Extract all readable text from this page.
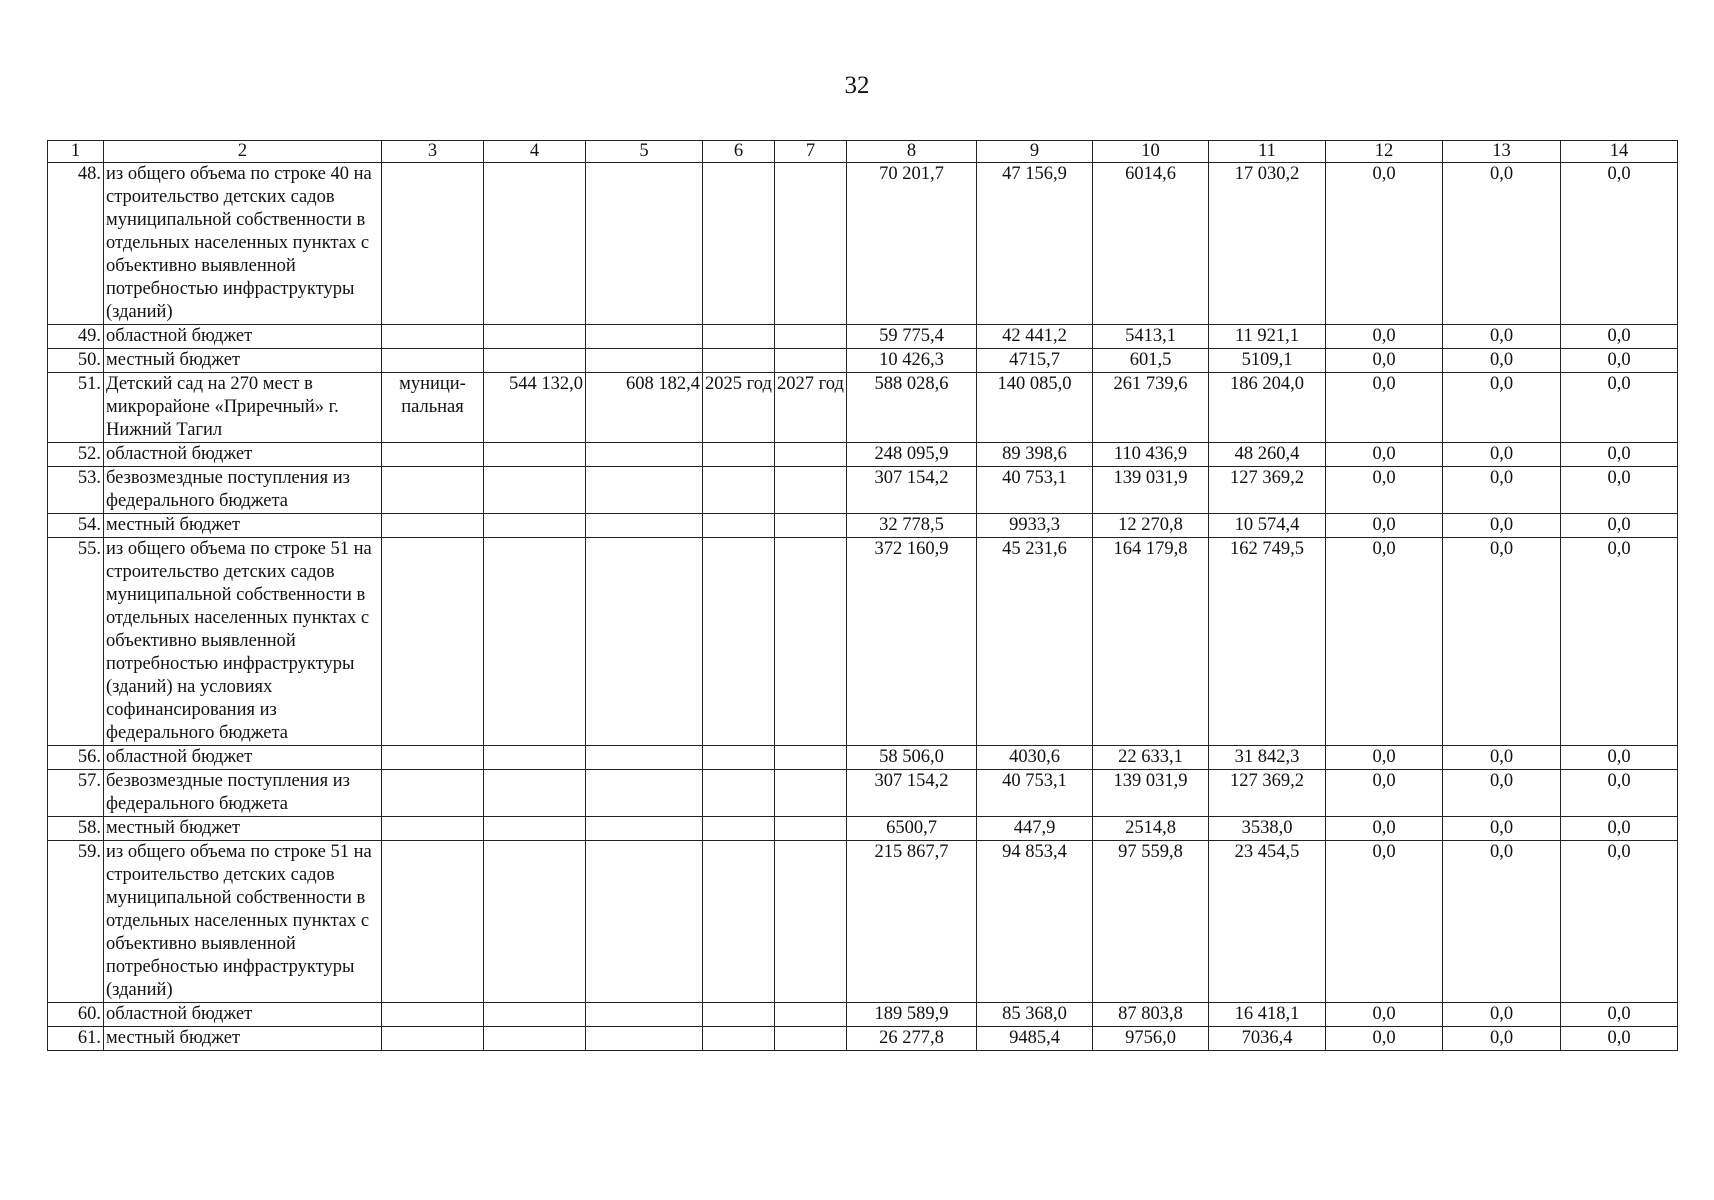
32
1	2	3	4	5	6	7	8	9	10	11	12	13	14
48.	из общего объема по строке 40 на строительство детских садов муниципальной собственности в отдельных населенных пунктах с объективно выявленной потребностью инфраструктуры (зданий)						70 201,7	47 156,9	6014,6	17 030,2	0,0	0,0	0,0
49.	областной бюджет						59 775,4	42 441,2	5413,1	11 921,1	0,0	0,0	0,0
50.	местный бюджет						10 426,3	4715,7	601,5	5109,1	0,0	0,0	0,0
51.	Детский сад на 270 мест в микрорайоне «Приречный» г. Нижний Тагил	муници-пальная	544 132,0	608 182,4	2025 год	2027 год	588 028,6	140 085,0	261 739,6	186 204,0	0,0	0,0	0,0
52.	областной бюджет						248 095,9	89 398,6	110 436,9	48 260,4	0,0	0,0	0,0
53.	безвозмездные поступления из федерального бюджета						307 154,2	40 753,1	139 031,9	127 369,2	0,0	0,0	0,0
54.	местный бюджет						32 778,5	9933,3	12 270,8	10 574,4	0,0	0,0	0,0
55.	из общего объема по строке 51 на строительство детских садов муниципальной собственности в отдельных населенных пунктах с объективно выявленной потребностью инфраструктуры (зданий) на условиях софинансирования из федерального бюджета						372 160,9	45 231,6	164 179,8	162 749,5	0,0	0,0	0,0
56.	областной бюджет						58 506,0	4030,6	22 633,1	31 842,3	0,0	0,0	0,0
57.	безвозмездные поступления из федерального бюджета						307 154,2	40 753,1	139 031,9	127 369,2	0,0	0,0	0,0
58.	местный бюджет						6500,7	447,9	2514,8	3538,0	0,0	0,0	0,0
59.	из общего объема по строке 51 на строительство детских садов муниципальной собственности в отдельных населенных пунктах с объективно выявленной потребностью инфраструктуры (зданий)						215 867,7	94 853,4	97 559,8	23 454,5	0,0	0,0	0,0
60.	областной бюджет						189 589,9	85 368,0	87 803,8	16 418,1	0,0	0,0	0,0
61.	местный бюджет						26 277,8	9485,4	9756,0	7036,4	0,0	0,0	0,0
